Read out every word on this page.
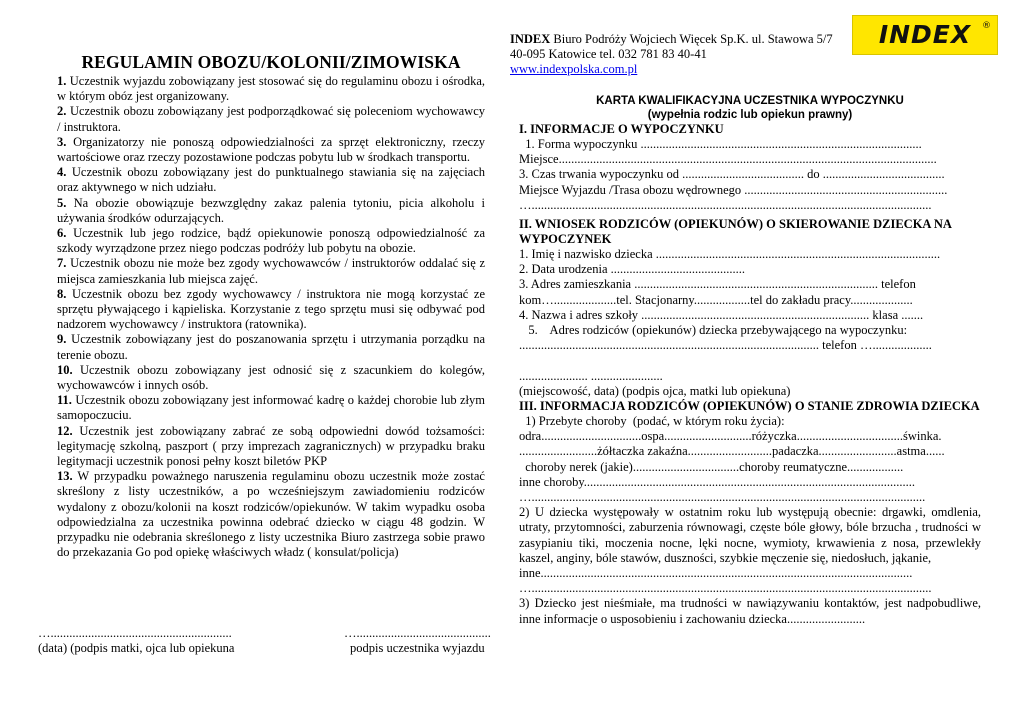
REGULAMIN OBOZU/KOLONII/ZIMOWISKA
1. Uczestnik wyjazdu zobowiązany jest stosować się do regulaminu obozu i ośrodka, w którym obóz jest organizowany.
2. Uczestnik obozu zobowiązany jest podporządkować się poleceniom wychowawcy / instruktora.
3. Organizatorzy nie ponoszą odpowiedzialności za sprzęt elektroniczny, rzeczy wartościowe oraz rzeczy pozostawione podczas pobytu lub w środkach transportu.
4. Uczestnik obozu zobowiązany jest do punktualnego stawiania się na zajęciach oraz aktywnego w nich udziału.
5. Na obozie obowiązuje bezwzględny zakaz palenia tytoniu, picia alkoholu i używania środków odurzających.
6. Uczestnik lub jego rodzice, bądź opiekunowie ponoszą odpowiedzialność za szkody wyrządzone przez niego podczas podróży lub pobytu na obozie.
7. Uczestnik obozu nie może bez zgody wychowawców / instruktorów oddalać się z miejsca zamieszkania lub miejsca zajęć.
8. Uczestnik obozu bez zgody wychowawcy / instruktora nie mogą korzystać ze sprzętu pływającego i kąpieliska. Korzystanie z tego sprzętu musi się odbywać pod nadzorem wychowawcy / instruktora (ratownika).
9. Uczestnik zobowiązany jest do poszanowania sprzętu i utrzymania porządku na terenie obozu.
10. Uczestnik obozu zobowiązany jest odnosić się z szacunkiem do kolegów, wychowawców i innych osób.
11. Uczestnik obozu zobowiązany jest informować kadrę o każdej chorobie lub złym samopoczuciu.
12. Uczestnik jest zobowiązany zabrać ze sobą odpowiedni dowód tożsamości: legitymację szkolną, paszport ( przy imprezach zagranicznych) w przypadku braku legitymacji uczestnik ponosi pełny koszt biletów PKP
13. W przypadku poważnego naruszenia regulaminu obozu uczestnik może zostać skreślony z listy uczestników, a po wcześniejszym zawiadomieniu rodziców wydalony z obozu/kolonii na koszt rodziców/opiekunów. W takim wypadku osoba odpowiedzialna za uczestnika powinna odebrać dziecko w ciągu 48 godzin. W przypadku nie odebrania skreślonego z listy uczestnika Biuro zastrzega sobie prawo do przekazania Go pod opiekę właściwych władz ( konsulat/policja)
…..........................................................
(data) (podpis matki, ojca lub opiekuna
…...........................................
podpis uczestnika wyjazdu
INDEX Biuro Podróży Wojciech Więcek Sp.K. ul. Stawowa 5/7
40-095 Katowice tel. 032 781 83 40-41
www.indexpolska.com.pl
INDEX ®
KARTA KWALIFIKACYJNA UCZESTNIKA WYPOCZYNKU
(wypełnia rodzic lub opiekun prawny)
I. INFORMACJE O WYPOCZYNKU
1. Forma wypoczynku ..........................................................................................
Miejsce.........................................................................................................................
3. Czas trwania wypoczynku od ....................................... do .......................................
Miejsce Wyjazdu /Trasa obozu wędrownego .................................................................
…................................................................................................................................
II. WNIOSEK RODZICÓW (OPIEKUNÓW) O SKIEROWANIE DZIECKA NA WYPOCZYNEK
1. Imię i nazwisko dziecka ...........................................................................................
2. Data urodzenia ...........................................
3. Adres zamieszkania .............................................................................. telefon
kom…....................tel. Stacjonarny..................tel do zakładu pracy....................
4. Nazwa i adres szkoły ......................................................................... klasa .......
5.    Adres rodziców (opiekunów) dziecka przebywającego na wypoczynku:
................................................................................................ telefon …...................
...................... .......................
(miejscowość, data) (podpis ojca, matki lub opiekuna)
III. INFORMACJA RODZICÓW (OPIEKUNÓW) O STANIE ZDROWIA DZIECKA
1) Przebyte choroby  (podać, w którym roku życia):
odra................................ospa............................różyczka..................................świnka.
.........................żółtaczka zakaźna...........................padaczka.........................astma......
choroby nerek (jakie)..................................choroby reumatyczne..................
inne choroby..........................................................................................................
…..............................................................................................................................
2) U dziecka występowały w ostatnim roku lub występują obecnie: drgawki, omdlenia, utraty, przytomności, zaburzenia równowagi, częste bóle głowy, bóle brzucha , trudności w zasypianiu tiki, moczenia nocne, lęki nocne, wymioty, krwawienia z nosa, przewlekły kaszel, anginy, bóle stawów, duszności, szybkie męczenie się, niedosłuch, jąkanie,
inne.......................................................................................................................
…................................................................................................................................
3) Dziecko jest nieśmiałe, ma trudności w nawiązywaniu kontaktów, jest nadpobudliwe, inne informacje o usposobieniu i zachowaniu dziecka.........................
